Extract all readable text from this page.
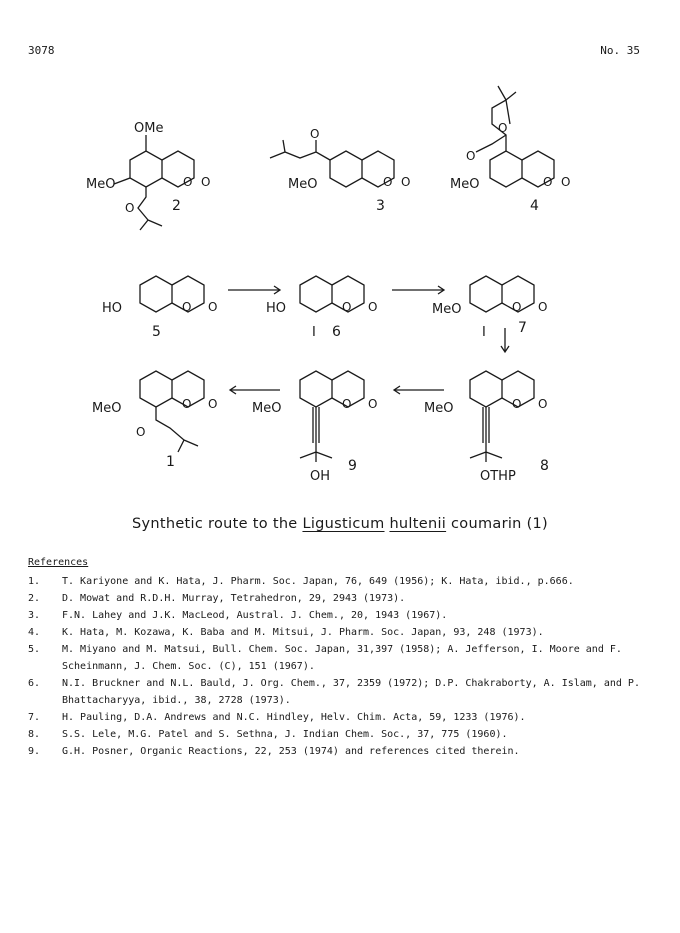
3078	No. 35
OMe
MeO	O O
O	2
O
MeO	O O
3
O
O
MeO	O O
4
HO	O O
5
HO	O O
I 6
MeO	O O
I 7
MeO	O O
O
1
MeO	O O
OH
9
MeO	O O
OTHP
8
Synthetic route to the Ligusticum hultenii coumarin (1)
References
1. T. Kariyone and K. Hata, J. Pharm. Soc. Japan, 76, 649 (1956); K. Hata, ibid., p.666.
2. D. Mowat and R.D.H. Murray, Tetrahedron, 29, 2943 (1973).
3. F.N. Lahey and J.K. MacLeod, Austral. J. Chem., 20, 1943 (1967).
4. K. Hata, M. Kozawa, K. Baba and M. Mitsui, J. Pharm. Soc. Japan, 93, 248 (1973).
5. M. Miyano and M. Matsui, Bull. Chem. Soc. Japan, 31,397 (1958); A. Jefferson, I. Moore and F. Scheinmann, J. Chem. Soc. (C), 151 (1967).
6. N.I. Bruckner and N.L. Bauld, J. Org. Chem., 37, 2359 (1972); D.P. Chakraborty, A. Islam, and P. Bhattacharyya, ibid., 38, 2728 (1973).
7. H. Pauling, D.A. Andrews and N.C. Hindley, Helv. Chim. Acta, 59, 1233 (1976).
8. S.S. Lele, M.G. Patel and S. Sethna, J. Indian Chem. Soc., 37, 775 (1960).
9. G.H. Posner, Organic Reactions, 22, 253 (1974) and references cited therein.
